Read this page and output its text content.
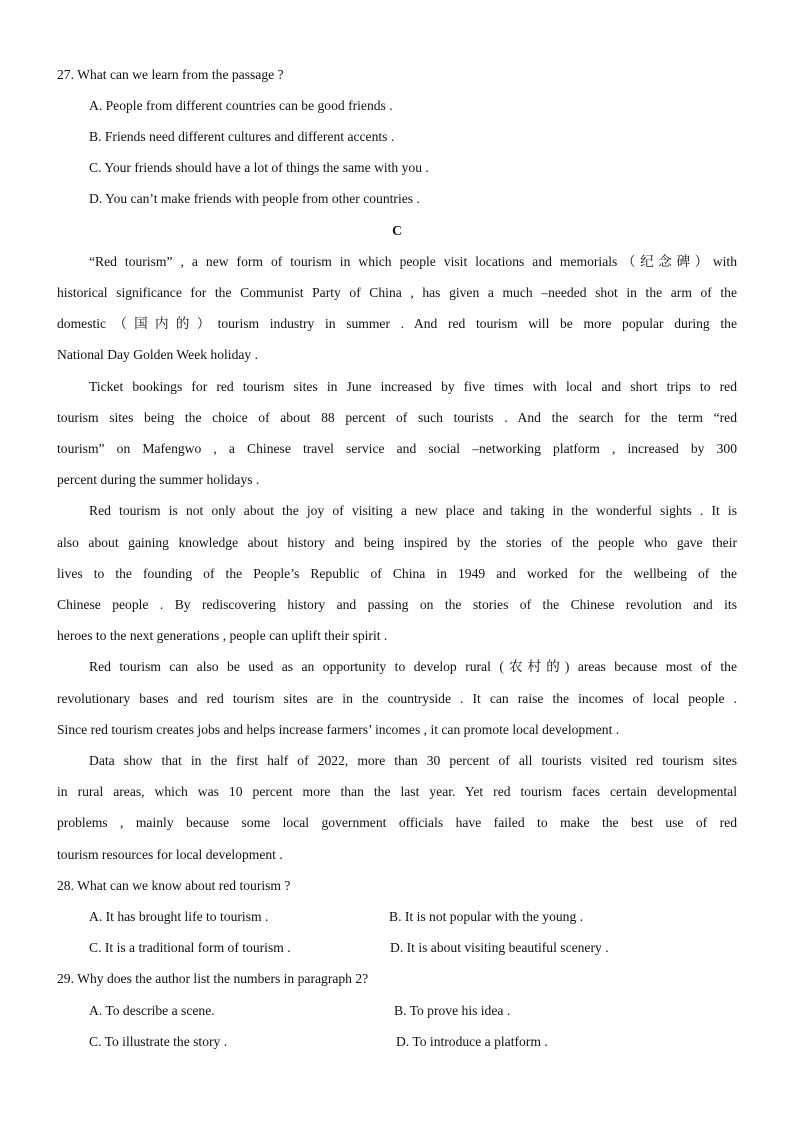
27. What can we learn from the passage ?
A. People from different countries can be good friends .
B. Friends need different cultures and different accents .
C. Your friends should have a lot of things the same with you .
D. You can’t make friends with people from other countries .
C
“Red tourism” , a new form of tourism in which people visit locations and memorials（纪念碑）with
historical significance for the Communist Party of China , has given a much –needed shot in the arm of the
domestic（国内的）tourism industry in summer . And red tourism will be more popular during the
National Day Golden Week holiday .
Ticket bookings for red tourism sites in June increased by five times with local and short trips to red
tourism sites being the choice of about 88 percent of such tourists . And the search for the term “red
tourism” on Mafengwo , a Chinese travel service and social –networking platform , increased by 300
percent during the summer holidays .
Red tourism is not only about the joy of visiting a new place and taking in the wonderful sights . It is
also about gaining knowledge about history and being inspired by the stories of the people who gave their
lives to the founding of the People’s Republic of China in 1949 and worked for the wellbeing of the
Chinese people . By rediscovering history and passing on the stories of the Chinese revolution and its
heroes to the next generations , people can uplift their spirit .
Red tourism can also be used as an opportunity to develop rural (农村的) areas because most of the
revolutionary bases and red tourism sites are in the countryside . It can raise the incomes of local people .
Since red tourism creates jobs and helps increase farmers’ incomes , it can promote local development .
Data show that in the first half of 2022, more than 30 percent of all tourists visited red tourism sites
in rural areas, which was 10 percent more than the last year. Yet red tourism faces certain developmental
problems , mainly because some local government officials have failed to make the best use of red
tourism resources for local development .
28. What can we know about red tourism ?
A. It has brought life to tourism .	B. It is not popular with the young .
C. It is a traditional form of tourism .	D. It is about visiting beautiful scenery .
29. Why does the author list the numbers in paragraph 2?
A. To describe a scene.	B. To prove his idea .
C. To illustrate the story .	D. To introduce a platform .
